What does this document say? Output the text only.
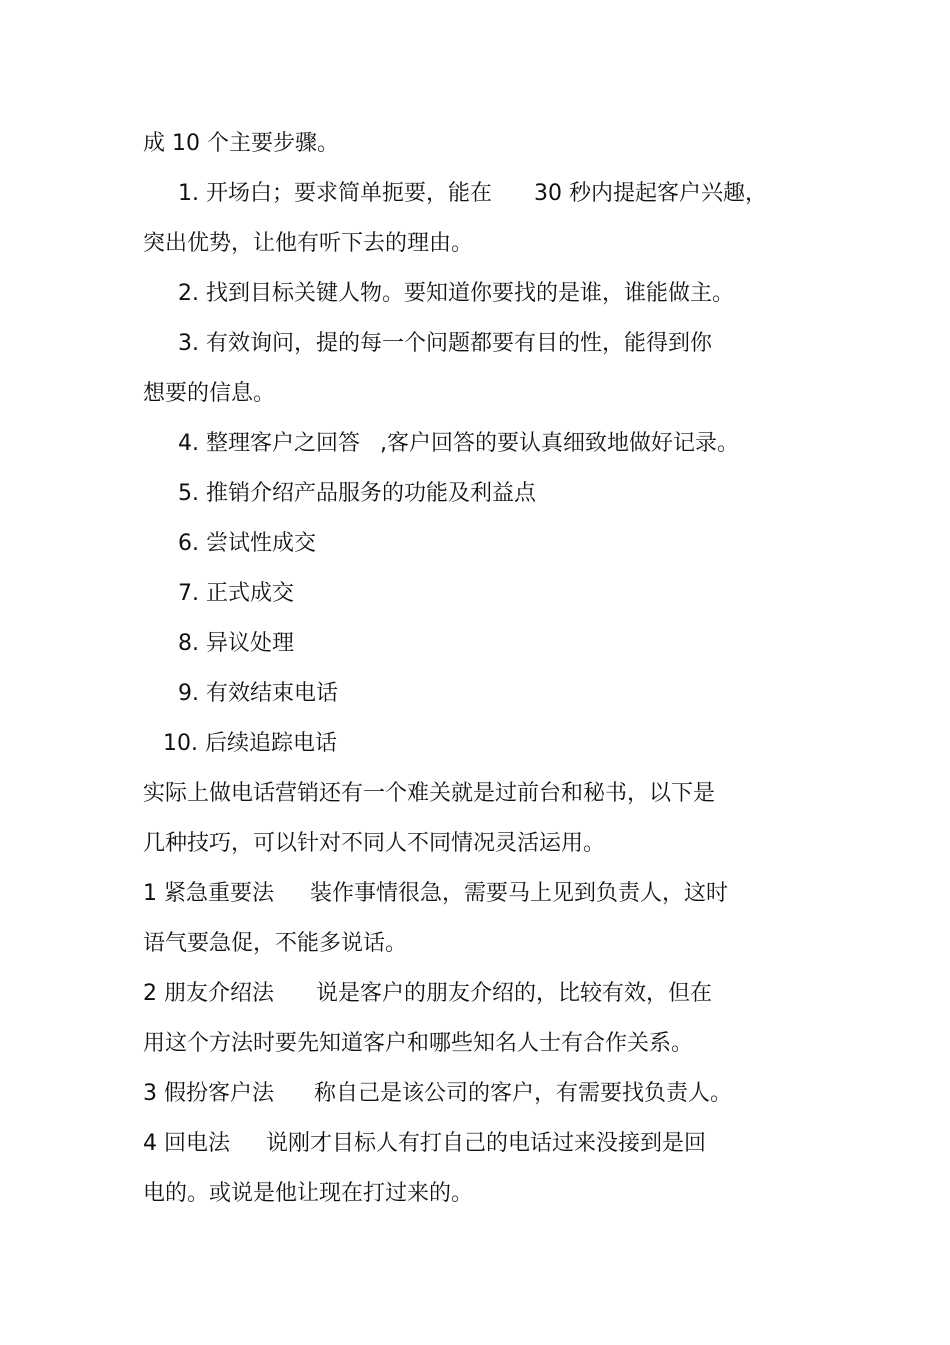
成 10 个主要步骤。
1. 开场白；要求简单扼要，能在 30 秒内提起客户兴趣，
突出优势，让他有听下去的理由。
2. 找到目标关键人物。要知道你要找的是谁，谁能做主。
3. 有效询问，提的每一个问题都要有目的性，能得到你
想要的信息。
4. 整理客户之回答 ,客户回答的要认真细致地做好记录。
5. 推销介绍产品服务的功能及利益点
6. 尝试性成交
7. 正式成交
8. 异议处理
9. 有效结束电话
10. 后续追踪电话
实际上做电话营销还有一个难关就是过前台和秘书，以下是
几种技巧，可以针对不同人不同情况灵活运用。
1 紧急重要法 装作事情很急，需要马上见到负责人，这时
语气要急促，不能多说话。
2 朋友介绍法 说是客户的朋友介绍的，比较有效，但在
用这个方法时要先知道客户和哪些知名人士有合作关系。
3 假扮客户法 称自己是该公司的客户，有需要找负责人。
4 回电法 说刚才目标人有打自己的电话过来没接到是回
电的。或说是他让现在打过来的。
